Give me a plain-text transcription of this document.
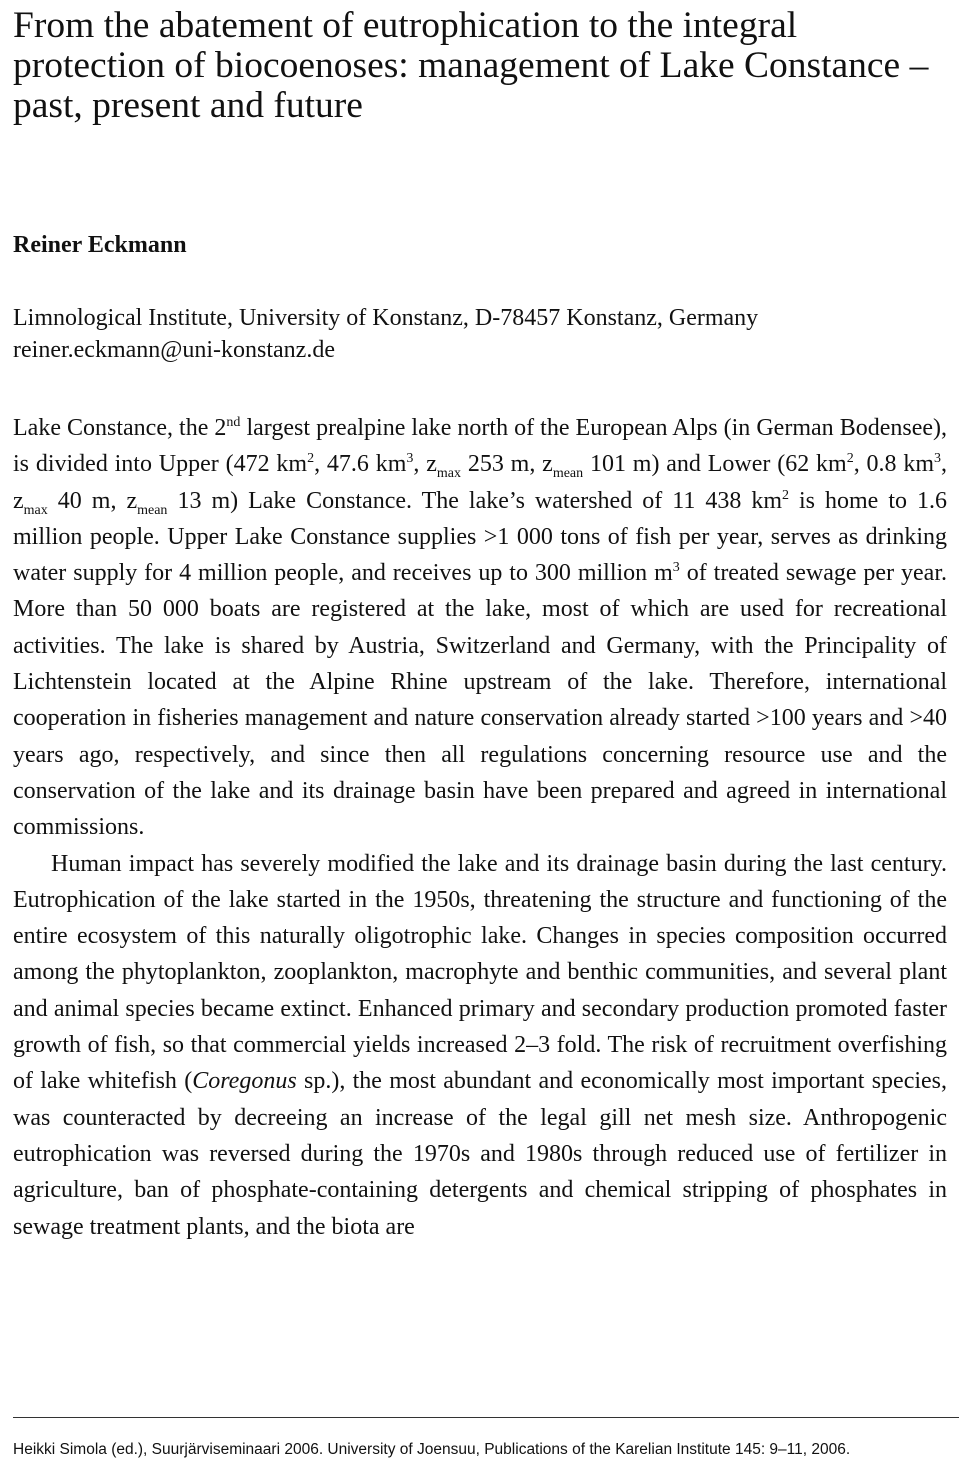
From the abatement of eutrophication to the integral protection of biocoenoses: management of Lake Constance – past, present and future
Reiner Eckmann
Limnological Institute, University of Konstanz, D-78457 Konstanz, Germany
reiner.eckmann@uni-konstanz.de

Lake Constance, the 2nd largest prealpine lake north of the European Alps (in German Bodensee), is divided into Upper (472 $km^2$, 47.6 $km^3$, $z_{max}$ 253 m, $z_{mean}$ 101 m) and Lower (62 $km^2$, 0.8 $km^3$, $z_{max}$ 40 m, $z_{mean}$ 13 m) Lake Constance. The lake’s watershed of 11 438 $km^2$ is home to 1.6 million people. Upper Lake Constance supplies >1 000 tons of fish per year, serves as drinking water supply for 4 million people, and receives up to 300 million $m^3$ of treated sewage per year. More than 50 000 boats are registered at the lake, most of which are used for recreational activities. The lake is shared by Austria, Switzerland and Germany, with the Principality of Lichtenstein located at the Alpine Rhine upstream of the lake. Therefore, international cooperation in fisheries management and nature conservation already started >100 years and >40 years ago, respectively, and since then all regulations concerning resource use and the conservation of the lake and its drainage basin have been prepared and agreed in international commissions.

Human impact has severely modified the lake and its drainage basin during the last century. Eutrophication of the lake started in the 1950s, threatening the structure and functioning of the entire ecosystem of this naturally oligotrophic lake. Changes in species composition occurred among the phytoplankton, zooplankton, macrophyte and benthic communities, and several plant and animal species became extinct. Enhanced primary and secondary production promoted faster growth of fish, so that commercial yields increased 2–3 fold. The risk of recruitment overfishing of lake whitefish (Coregonus sp.), the most abundant and economically most important species, was counteracted by decreeing an increase of the legal gill net mesh size. Anthropogenic eutrophication was reversed during the 1970s and 1980s through reduced use of fertilizer in agriculture, ban of phosphate-containing detergents and chemical stripping of phosphates in sewage treatment plants, and the biota are

Heikki Simola (ed.), Suurjärviseminaari 2006. University of Joensuu, Publications of the Karelian Institute 145: 9–11, 2006.
